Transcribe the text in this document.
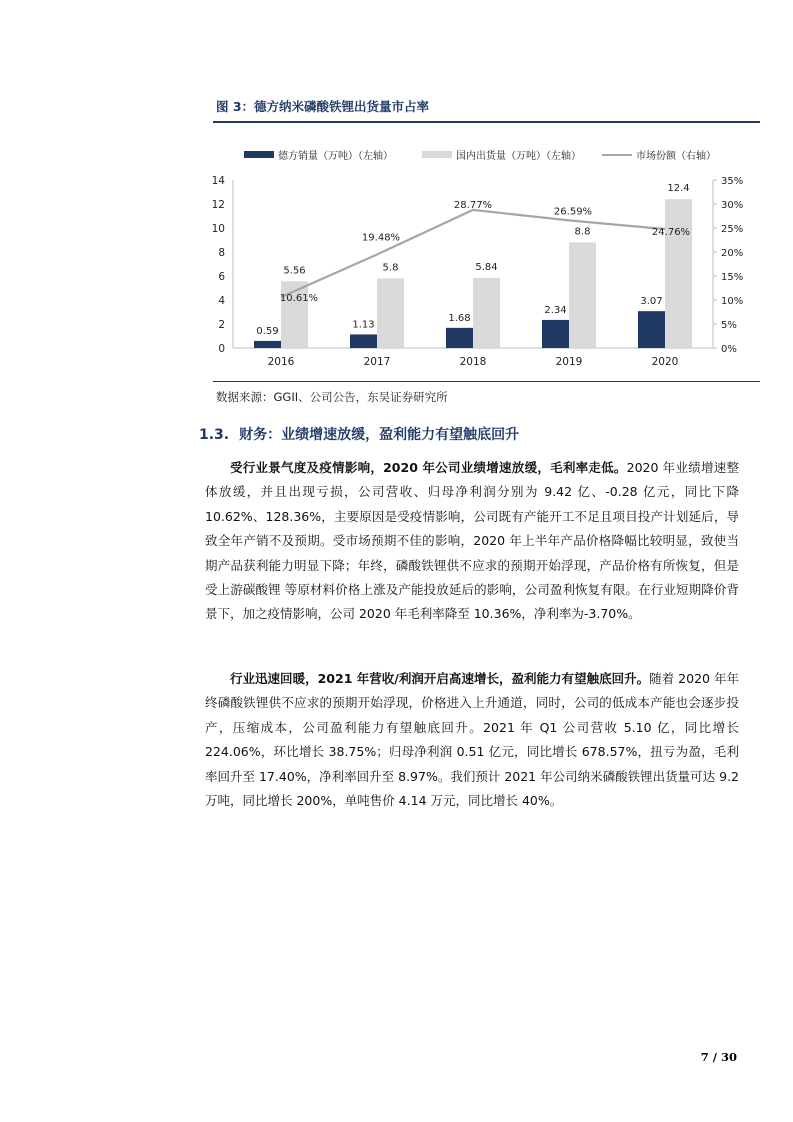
图 3：德方纳米磷酸铁锂出货量市占率
德方销量（万吨）（左轴）	国内出货量（万吨）（左轴）	市场份额（右轴）
0
2
4
6
8
10
12
14
0%
5%
10%
15%
20%
25%
30%
35%
2016	2017	2018	2019	2020
0.59
5.56
1.13
5.8
1.68
5.84
2.34
8.8
3.07
12.4
10.61%
19.48%
28.77%
26.59%
24.76%
数据来源：GGII、公司公告，东吴证券研究所
1.3. 财务：业绩增速放缓，盈利能力有望触底回升
受行业景气度及疫情影响，2020 年公司业绩增速放缓，毛利率走低。2020 年业绩增速整体放缓，并且出现亏损，公司营收、归母净利润分别为 9.42 亿、-0.28 亿元，同比下降 10.62%、128.36%，主要原因是受疫情影响，公司既有产能开工不足且项目投产计划延后，导致全年产销不及预期。受市场预期不佳的影响，2020 年上半年产品价格降幅比较明显，致使当期产品获利能力明显下降；年终，磷酸铁锂供不应求的预期开始浮现，产品价格有所恢复，但是受上游碳酸锂 等原材料价格上涨及产能投放延后的影响，公司盈利恢复有限。在行业短期降价背景下，加之疫情影响，公司 2020 年毛利率降至 10.36%，净利率为-3.70%。
行业迅速回暖，2021 年营收/利润开启高速增长，盈利能力有望触底回升。随着 2020 年年终磷酸铁锂供不应求的预期开始浮现，价格进入上升通道，同时，公司的低成本产能也会逐步投产，压缩成本，公司盈利能力有望触底回升。2021 年 Q1 公司营收 5.10 亿，同比增长 224.06%，环比增长 38.75%；归母净利润 0.51 亿元，同比增长 678.57%，扭亏为盈，毛利率回升至 17.40%，净利率回升至 8.97%。我们预计 2021 年公司纳米磷酸铁锂出货量可达 9.2 万吨，同比增长 200%，单吨售价 4.14 万元，同比增长 40%。
7 / 30
